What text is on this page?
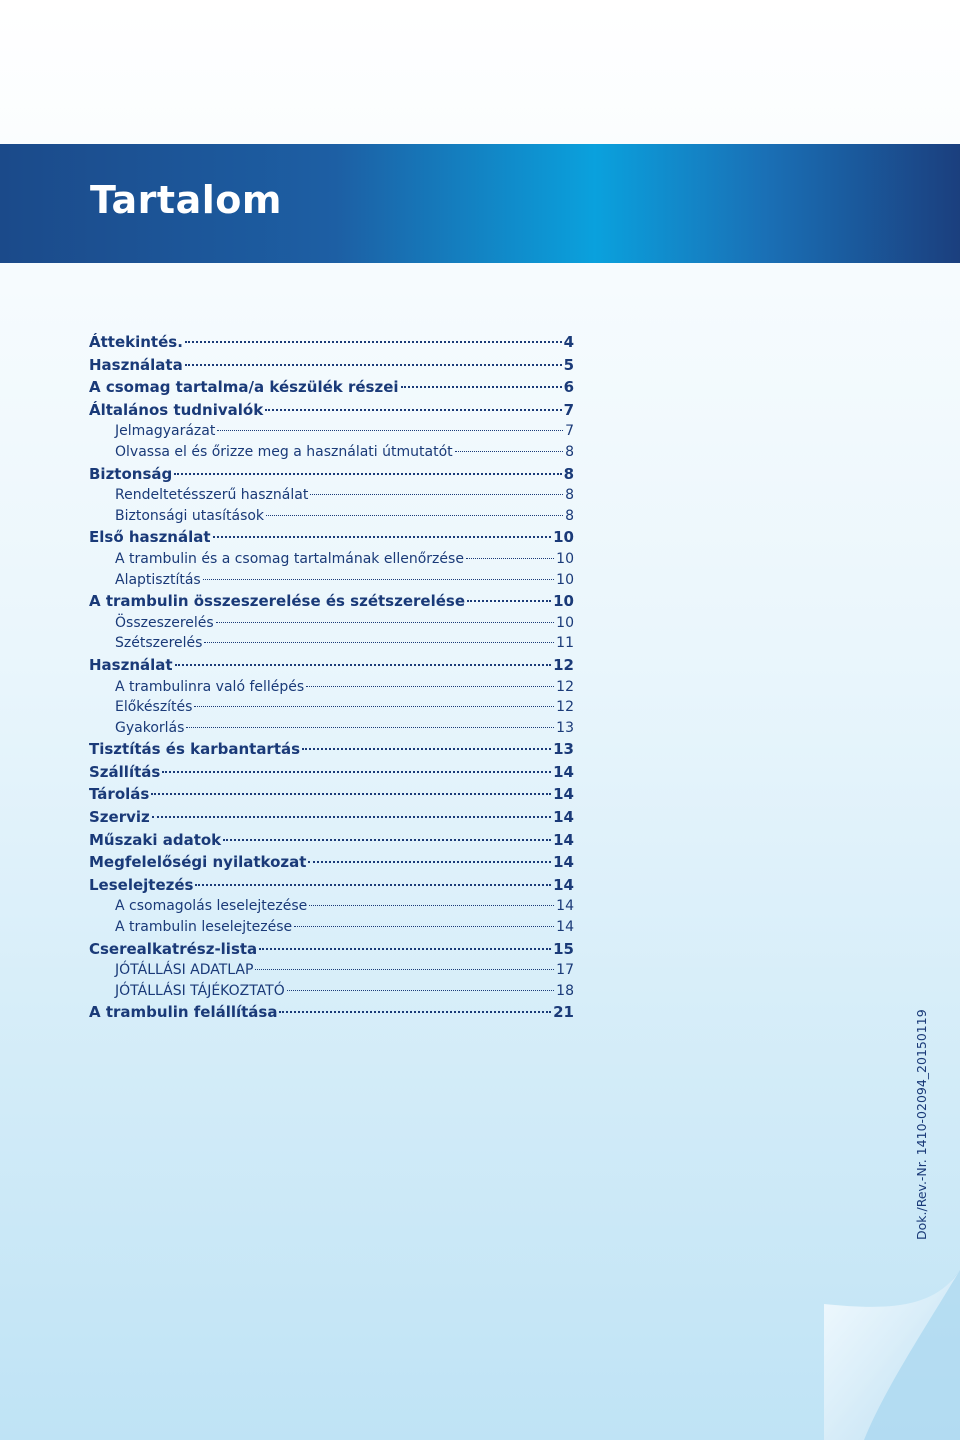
Tartalom
Áttekintés.	4
Használata	5
A csomag tartalma/a készülék részei	6
Általános tudnivalók	7
Jelmagyarázat	7
Olvassa el és őrizze meg a használati útmutatót	8
Biztonság	8
Rendeltetésszerű használat	8
Biztonsági utasítások	8
Első használat	10
A trambulin és a csomag tartalmának ellenőrzése	10
Alaptisztítás	10
A trambulin összeszerelése és szétszerelése	10
Összeszerelés	10
Szétszerelés	11
Használat	12
A trambulinra való fellépés	12
Előkészítés	12
Gyakorlás	13
Tisztítás és karbantartás	13
Szállítás	14
Tárolás	14
Szerviz	14
Műszaki adatok	14
Megfelelőségi nyilatkozat	14
Leselejtezés	14
A csomagolás leselejtezése	14
A trambulin leselejtezése	14
Cserealkatrész-lista	15
JÓTÁLLÁSI ADATLAP	17
JÓTÁLLÁSI TÁJÉKOZTATÓ	18
A trambulin felállítása	21	Dok./Rev.-Nr. 1410-02094_20150119
